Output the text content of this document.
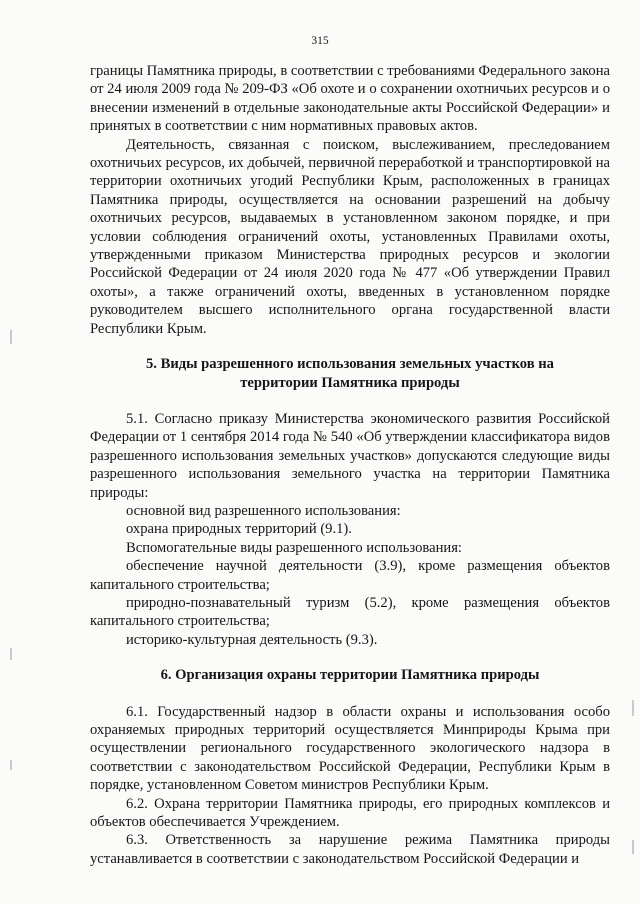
315

границы Памятника природы, в соответствии с требованиями Федерального закона от 24 июля 2009 года № 209-ФЗ «Об охоте и о сохранении охотничьих ресурсов и о внесении изменений в отдельные законодательные акты Российской Федерации» и принятых в соответствии с ним нормативных правовых актов.

Деятельность, связанная с поиском, выслеживанием, преследованием охотничьих ресурсов, их добычей, первичной переработкой и транспортировкой на территории охотничьих угодий Республики Крым, расположенных в границах Памятника природы, осуществляется на основании разрешений на добычу охотничьих ресурсов, выдаваемых в установленном законом порядке, и при условии соблюдения ограничений охоты, установленных Правилами охоты, утвержденными приказом Министерства природных ресурсов и экологии Российской Федерации от 24 июля 2020 года № 477 «Об утверждении Правил охоты», а также ограничений охоты, введенных в установленном порядке руководителем высшего исполнительного органа государственной власти Республики Крым.

5. Виды разрешенного использования земельных участков на
территории Памятника природы

5.1. Согласно приказу Министерства экономического развития Российской Федерации от 1 сентября 2014 года № 540 «Об утверждении классификатора видов разрешенного использования земельных участков» допускаются следующие виды разрешенного использования земельного участка на территории Памятника природы:

основной вид разрешенного использования:

охрана природных территорий (9.1).

Вспомогательные виды разрешенного использования:

обеспечение научной деятельности (3.9), кроме размещения объектов капитального строительства;

природно-познавательный туризм (5.2), кроме размещения объектов капитального строительства;

историко-культурная деятельность (9.3).

6. Организация охраны территории Памятника природы

6.1. Государственный надзор в области охраны и использования особо охраняемых природных территорий осуществляется Минприроды Крыма при осуществлении регионального государственного экологического надзора в соответствии с законодательством Российской Федерации, Республики Крым в порядке, установленном Советом министров Республики Крым.

6.2. Охрана территории Памятника природы, его природных комплексов и объектов обеспечивается Учреждением.

6.3. Ответственность за нарушение режима Памятника природы устанавливается в соответствии с законодательством Российской Федерации и
